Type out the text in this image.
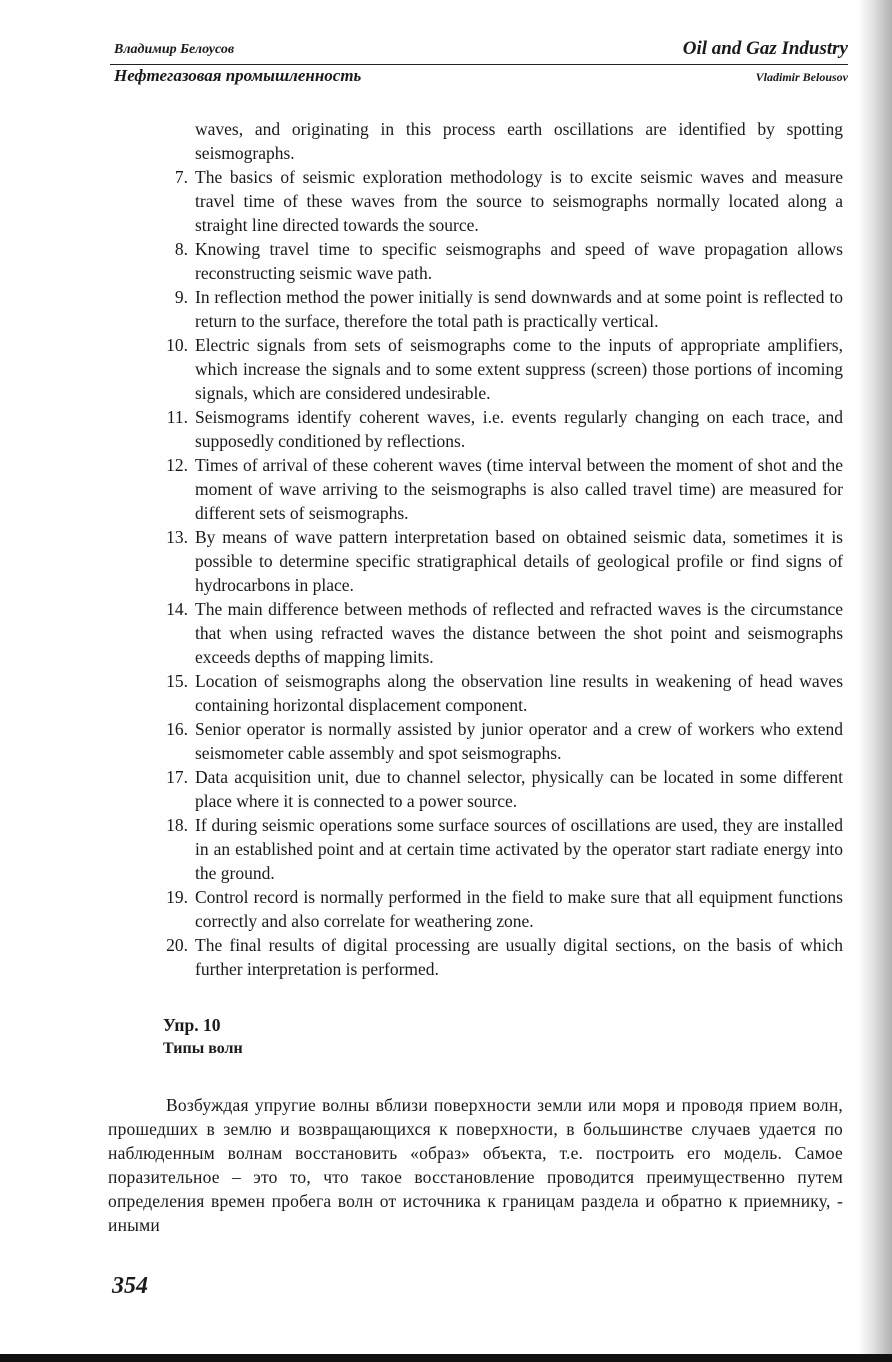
Владимир Белоусов	Oil and Gaz Industry
Нефтегазовая промышленность	Vladimir Belousov

waves, and originating in this process earth oscillations are identified by spotting seismographs.

7. The basics of seismic exploration methodology is to excite seismic waves and measure travel time of these waves from the source to seismographs normally located along a straight line directed towards the source.
8. Knowing travel time to specific seismographs and speed of wave propagation allows reconstructing seismic wave path.
9. In reflection method the power initially is send downwards and at some point is reflected to return to the surface, therefore the total path is practically vertical.
10. Electric signals from sets of seismographs come to the inputs of appropriate amplifiers, which increase the signals and to some extent suppress (screen) those portions of incoming signals, which are considered undesirable.
11. Seismograms identify coherent waves, i.e. events regularly changing on each trace, and supposedly conditioned by reflections.
12. Times of arrival of these coherent waves (time interval between the moment of shot and the moment of wave arriving to the seismographs is also called travel time) are measured for different sets of seismographs.
13. By means of wave pattern interpretation based on obtained seismic data, sometimes it is possible to determine specific stratigraphical details of geological profile or find signs of hydrocarbons in place.
14. The main difference between methods of reflected and refracted waves is the circumstance that when using refracted waves the distance between the shot point and seismographs exceeds depths of mapping limits.
15. Location of seismographs along the observation line results in weakening of head waves containing horizontal displacement component.
16. Senior operator is normally assisted by junior operator and a crew of workers who extend seismometer cable assembly and spot seismographs.
17. Data acquisition unit, due to channel selector, physically can be located in some different place where it is connected to a power source.
18. If during seismic operations some surface sources of oscillations are used, they are installed in an established point and at certain time activated by the operator start radiate energy into the ground.
19. Control record is normally performed in the field to make sure that all equipment functions correctly and also correlate for weathering zone.
20. The final results of digital processing are usually digital sections, on the basis of which further interpretation is performed.
Упр. 10
Типы волн

Возбуждая упругие волны вблизи поверхности земли или моря и проводя прием волн, прошедших в землю и возвращающихся к поверхности, в большинстве случаев удается по наблюденным волнам восстановить «образ» объекта, т.е. построить его модель. Самое поразительное – это то, что такое восстановление проводится преимущественно путем определения времен пробега волн от источника к границам раздела и обратно к приемнику, - иными

354
